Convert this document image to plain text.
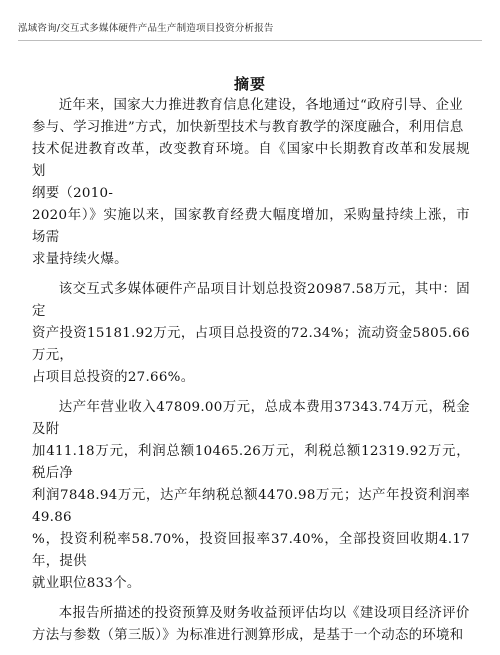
泓域咨询/交互式多媒体硬件产品生产制造项目投资分析报告
摘要
近年来，国家大力推进教育信息化建设，各地通过“政府引导、企业
参与、学习推进”方式，加快新型技术与教育教学的深度融合，利用信息
技术促进教育改革，改变教育环境。自《国家中长期教育改革和发展规划
纲要（2010-
2020年）》实施以来，国家教育经费大幅度增加，采购量持续上涨，市场需
求量持续火爆。
该交互式多媒体硬件产品项目计划总投资20987.58万元，其中：固定
资产投资15181.92万元，占项目总投资的72.34%；流动资金5805.66万元，
占项目总投资的27.66%。
达产年营业收入47809.00万元，总成本费用37343.74万元，税金及附
加411.18万元，利润总额10465.26万元，利税总额12319.92万元，税后净
利润7848.94万元，达产年纳税总额4470.98万元；达产年投资利润率49.86
%，投资利税率58.70%，投资回报率37.40%，全部投资回收期4.17年，提供
就业职位833个。
本报告所描述的投资预算及财务收益预评估均以《建设项目经济评价
方法与参数（第三版）》为标准进行测算形成，是基于一个动态的环境和
